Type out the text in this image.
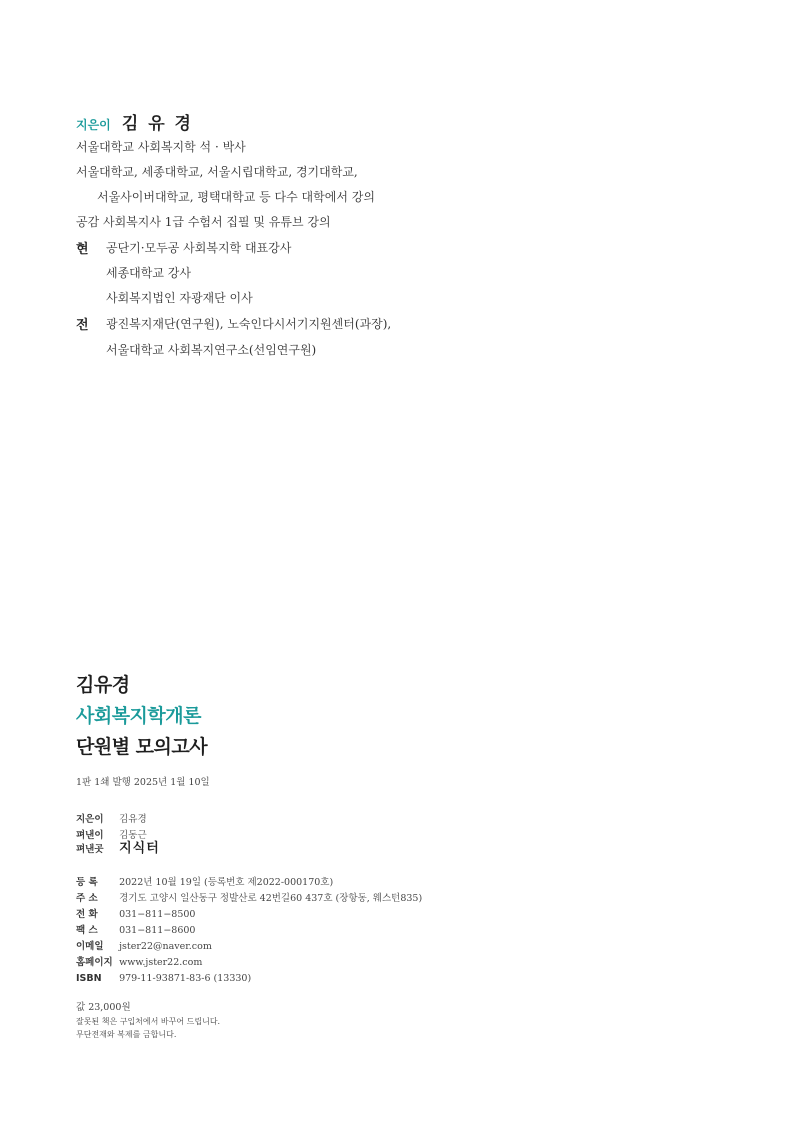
지은이 김 유 경
서울대학교 사회복지학 석 · 박사
서울대학교, 세종대학교, 서울시립대학교, 경기대학교,
서울사이버대학교, 평택대학교 등 다수 대학에서 강의
공감 사회복지사 1급 수험서 집필 및 유튜브 강의
현 공단기·모두공 사회복지학 대표강사
세종대학교 강사
사회복지법인 자광재단 이사
전 광진복지재단(연구원), 노숙인다시서기지원센터(과장),
서울대학교 사회복지연구소(선임연구원)
김유경
사회복지학개론
단원별 모의고사
1판 1쇄 발행 2025년 1월 10일
지은이 김유경
펴낸이 김동근
펴낸곳 지식터
등 록 2022년 10월 19일 (등록번호 제2022-000170호)
주 소 경기도 고양시 일산동구 정발산로 42번길60 437호 (장항동, 웨스턴835)
전 화 031−811−8500
팩 스 031−811−8600
이메일 jster22@naver.com
홈페이지 www.jster22.com
ISBN 979-11-93871-83-6 (13330)
값 23,000원
잘못된 책은 구입처에서 바꾸어 드립니다.
무단전재와 복제를 금합니다.
